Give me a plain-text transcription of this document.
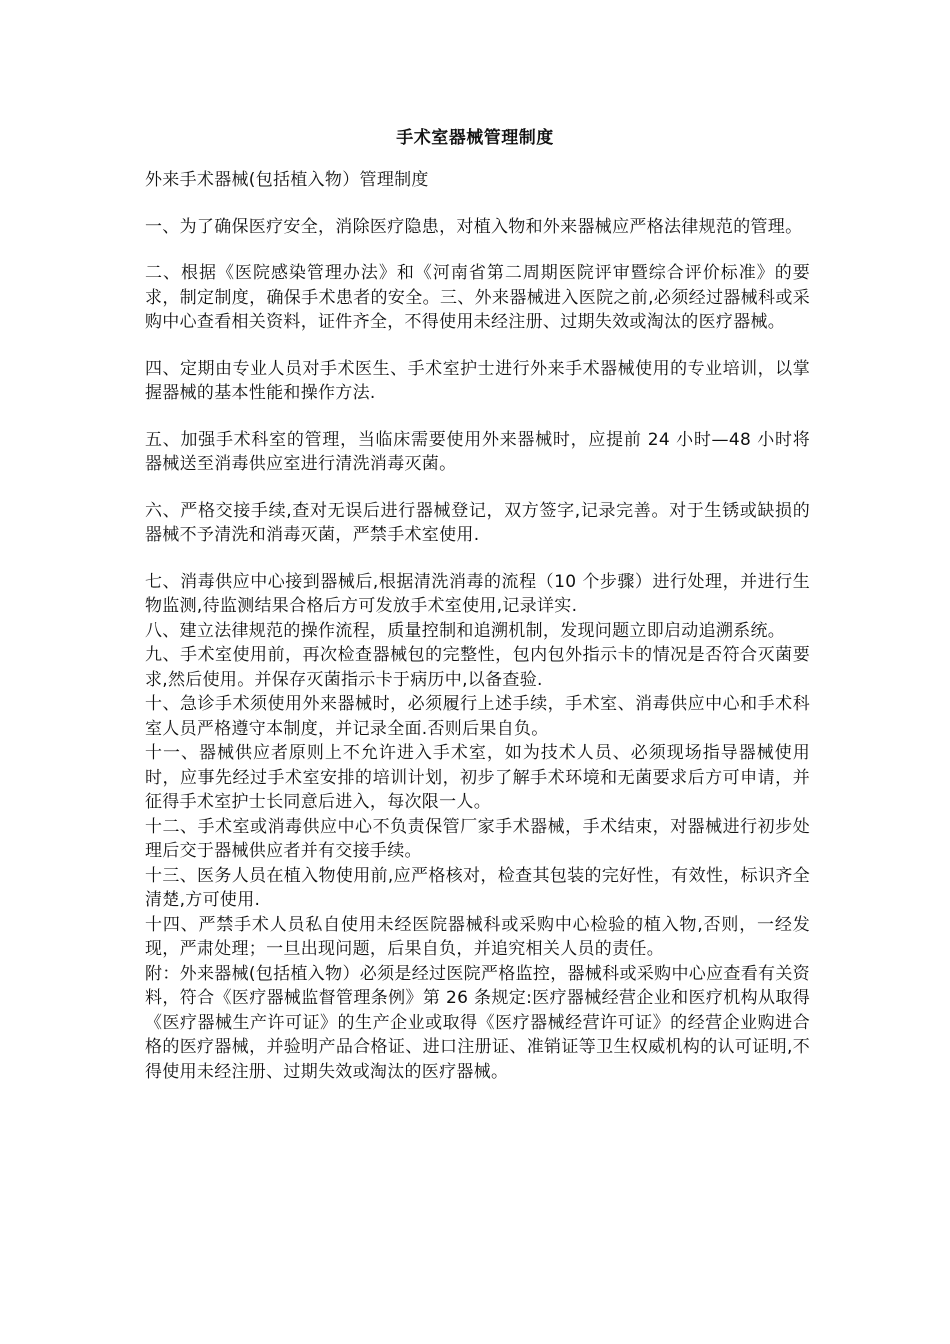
手术室器械管理制度

外来手术器械(包括植入物）管理制度

一、为了确保医疗安全，消除医疗隐患，对植入物和外来器械应严格法律规范的管理。

二、根据《医院感染管理办法》和《河南省第二周期医院评审暨综合评价标准》的要求，制定制度，确保手术患者的安全。三、外来器械进入医院之前,必须经过器械科或采购中心查看相关资料，证件齐全，不得使用未经注册、过期失效或淘汰的医疗器械。

四、定期由专业人员对手术医生、手术室护士进行外来手术器械使用的专业培训，以掌握器械的基本性能和操作方法.

五、加强手术科室的管理，当临床需要使用外来器械时，应提前 24 小时—48 小时将器械送至消毒供应室进行清洗消毒灭菌。

六、严格交接手续,查对无误后进行器械登记，双方签字,记录完善。对于生锈或缺损的器械不予清洗和消毒灭菌，严禁手术室使用.

七、消毒供应中心接到器械后,根据清洗消毒的流程（10 个步骤）进行处理，并进行生物监测,待监测结果合格后方可发放手术室使用,记录详实.

八、建立法律规范的操作流程，质量控制和追溯机制，发现问题立即启动追溯系统。

九、手术室使用前，再次检查器械包的完整性，包内包外指示卡的情况是否符合灭菌要求,然后使用。并保存灭菌指示卡于病历中,以备查验.

十、急诊手术须使用外来器械时，必须履行上述手续，手术室、消毒供应中心和手术科室人员严格遵守本制度，并记录全面.否则后果自负。

十一、器械供应者原则上不允许进入手术室，如为技术人员、必须现场指导器械使用时，应事先经过手术室安排的培训计划，初步了解手术环境和无菌要求后方可申请，并征得手术室护士长同意后进入，每次限一人。

十二、手术室或消毒供应中心不负责保管厂家手术器械，手术结束，对器械进行初步处理后交于器械供应者并有交接手续。

十三、医务人员在植入物使用前,应严格核对，检查其包装的完好性，有效性，标识齐全清楚,方可使用.

十四、严禁手术人员私自使用未经医院器械科或采购中心检验的植入物,否则，一经发现，严肃处理；一旦出现问题，后果自负，并追究相关人员的责任。

附：外来器械(包括植入物）必须是经过医院严格监控，器械科或采购中心应查看有关资料，符合《医疗器械监督管理条例》第 26 条规定:医疗器械经营企业和医疗机构从取得《医疗器械生产许可证》的生产企业或取得《医疗器械经营许可证》的经营企业购进合格的医疗器械，并验明产品合格证、进口注册证、准销证等卫生权威机构的认可证明,不得使用未经注册、过期失效或淘汰的医疗器械。
